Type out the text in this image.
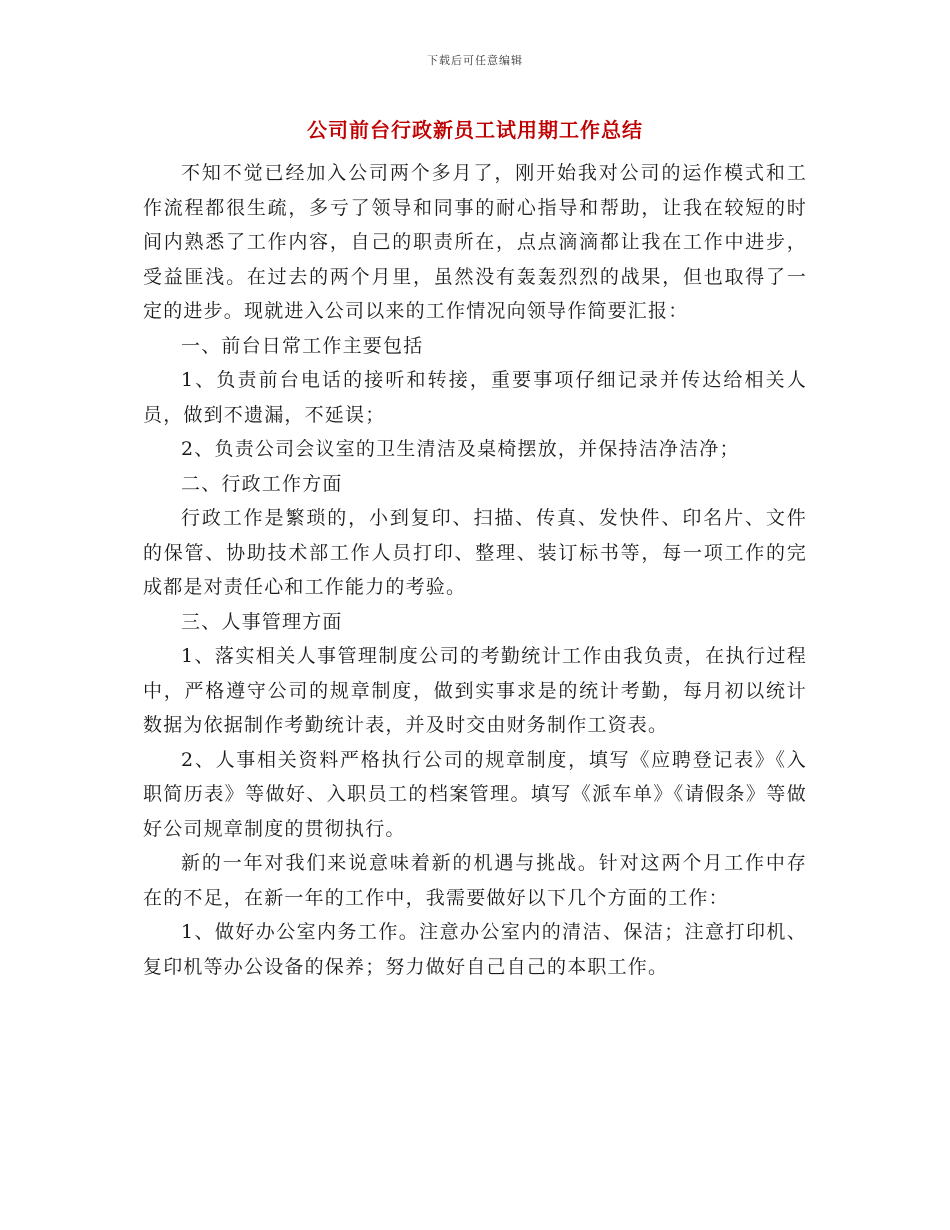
下载后可任意编辑
公司前台行政新员工试用期工作总结

不知不觉已经加入公司两个多月了，刚开始我对公司的运作模式和工作流程都很生疏，多亏了领导和同事的耐心指导和帮助，让我在较短的时间内熟悉了工作内容，自己的职责所在，点点滴滴都让我在工作中进步，受益匪浅。在过去的两个月里，虽然没有轰轰烈烈的战果，但也取得了一定的进步。现就进入公司以来的工作情况向领导作简要汇报：

一、前台日常工作主要包括

1、负责前台电话的接听和转接，重要事项仔细记录并传达给相关人员，做到不遗漏，不延误；

2、负责公司会议室的卫生清洁及桌椅摆放，并保持洁净洁净；

二、行政工作方面

行政工作是繁琐的，小到复印、扫描、传真、发快件、印名片、文件的保管、协助技术部工作人员打印、整理、装订标书等，每一项工作的完成都是对责任心和工作能力的考验。

三、人事管理方面

1、落实相关人事管理制度公司的考勤统计工作由我负责，在执行过程中，严格遵守公司的规章制度，做到实事求是的统计考勤，每月初以统计数据为依据制作考勤统计表，并及时交由财务制作工资表。

2、人事相关资料严格执行公司的规章制度，填写《应聘登记表》《入职简历表》等做好、入职员工的档案管理。填写《派车单》《请假条》等做好公司规章制度的贯彻执行。

新的一年对我们来说意味着新的机遇与挑战。针对这两个月工作中存在的不足，在新一年的工作中，我需要做好以下几个方面的工作：

1、做好办公室内务工作。注意办公室内的清洁、保洁；注意打印机、复印机等办公设备的保养；努力做好自己自己的本职工作。
